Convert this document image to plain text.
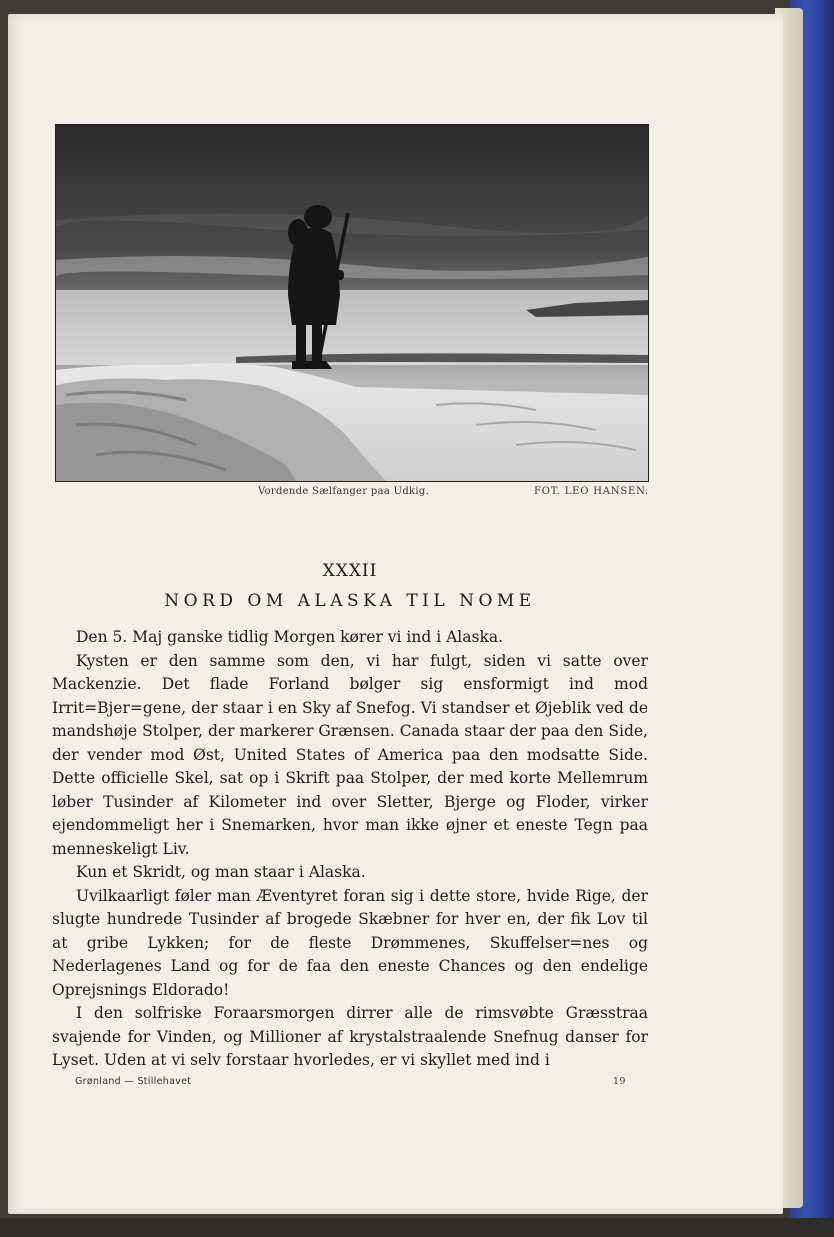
Vordende Sælfanger paa Udkig.	FOT. LEO HANSEN.
XXXII
NORD OM ALASKA TIL NOME

Den 5. Maj ganske tidlig Morgen kører vi ind i Alaska.

Kysten er den samme som den, vi har fulgt, siden vi satte over Mackenzie. Det flade Forland bølger sig ensformigt ind mod Irrit=Bjer=gene, der staar i en Sky af Snefog. Vi standser et Øjeblik ved de mandshøje Stolper, der markerer Grænsen. Canada staar der paa den Side, der vender mod Øst, United States of America paa den modsatte Side. Dette officielle Skel, sat op i Skrift paa Stolper, der med korte Mellemrum løber Tusinder af Kilometer ind over Sletter, Bjerge og Floder, virker ejendommeligt her i Snemarken, hvor man ikke øjner et eneste Tegn paa menneskeligt Liv.

Kun et Skridt, og man staar i Alaska.

Uvilkaarligt føler man Æventyret foran sig i dette store, hvide Rige, der slugte hundrede Tusinder af brogede Skæbner for hver en, der fik Lov til at gribe Lykken; for de fleste Drømmenes, Skuffelser=nes og Nederlagenes Land og for de faa den eneste Chances og den endelige Oprejsnings Eldorado!

I den solfriske Foraarsmorgen dirrer alle de rimsvøbte Græsstraa svajende for Vinden, og Millioner af krystalstraalende Snefnug danser for Lyset. Uden at vi selv forstaar hvorledes, er vi skyllet med ind i

Grønland — Stillehavet	19
